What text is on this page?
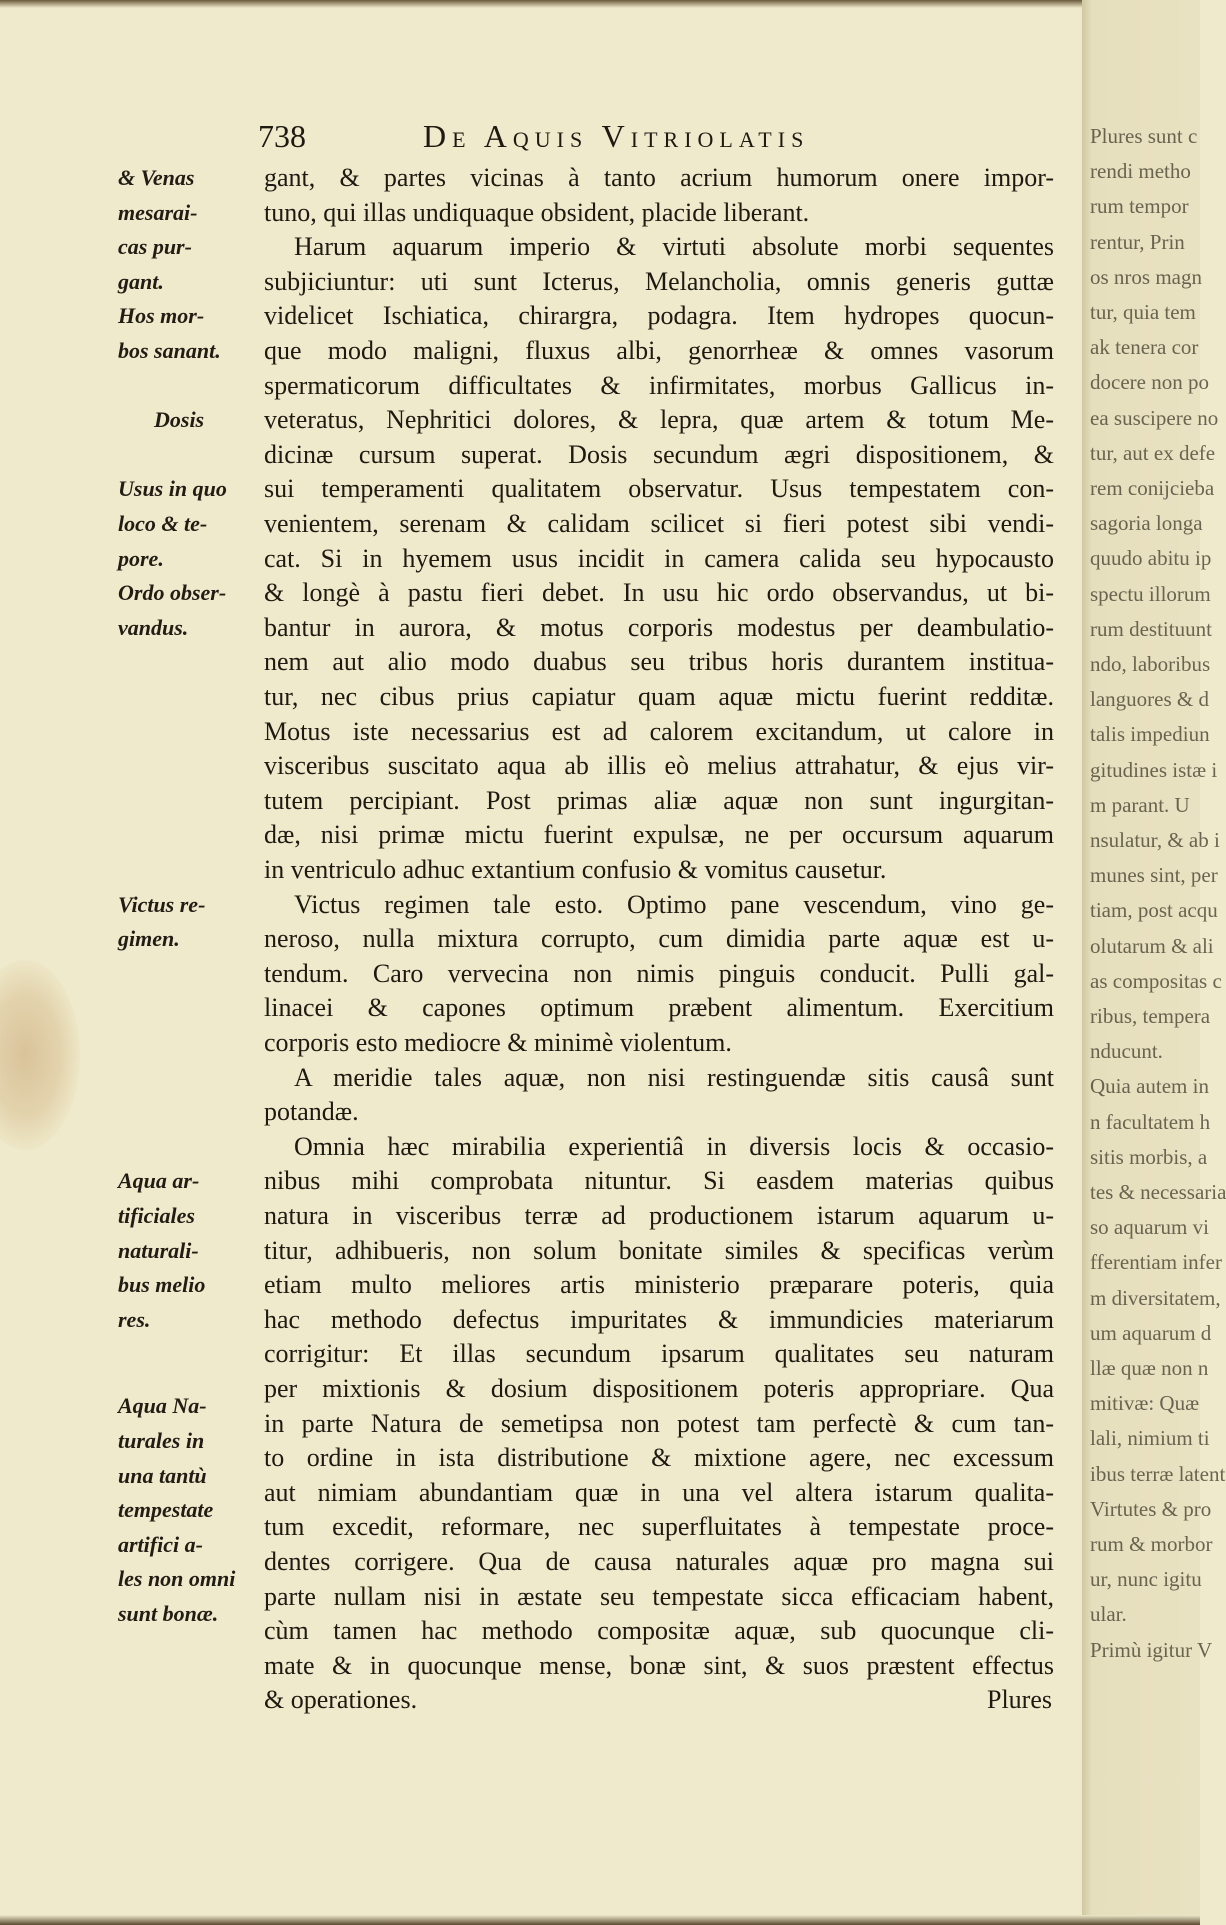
Plures sunt c
rendi metho
rum tempor
rentur, Prin
os nros magn
tur, quia tem
ak tenera cor
docere non po
ea suscipere no
tur, aut ex defe
rem conijcieba
sagoria longa
quudo abitu ip
spectu illorum
rum destituunt
ndo, laboribus
languores & d
talis impediun
gitudines istæ i
m parant. U
nsulatur, & ab i
munes sint, per
tiam, post acqu
olutarum & ali
as compositas c
ribus, tempera
nducunt.
Quia autem in
n facultatem h
sitis morbis, a
tes & necessaria
so aquarum vi
fferentiam infer
m diversitatem,
um aquarum d
llæ quæ non n
mitivæ: Quæ
lali, nimium ti
ibus terræ latent
Virtutes & pro
rum & morbor
ur, nunc igitu
ular.
Primù igitur V
738	De Aquis Vitriolatis
gant, & partes vicinas à tanto acrium humorum onere impor-
tuno, qui illas undiquaque obsident, placide liberant.
Harum aquarum imperio & virtuti absolute morbi sequentes
subjiciuntur: uti sunt Icterus, Melancholia, omnis generis guttæ
videlicet Ischiatica, chirargra, podagra. Item hydropes quocun-
que modo maligni, fluxus albi, genorrheæ & omnes vasorum
spermaticorum difficultates & infirmitates, morbus Gallicus in-
veteratus, Nephritici dolores, & lepra, quæ artem & totum Me-
dicinæ cursum superat. Dosis secundum ægri dispositionem, &
sui temperamenti qualitatem observatur. Usus tempestatem con-
venientem, serenam & calidam scilicet si fieri potest sibi vendi-
cat. Si in hyemem usus incidit in camera calida seu hypocausto
& longè à pastu fieri debet. In usu hic ordo observandus, ut bi-
bantur in aurora, & motus corporis modestus per deambulatio-
nem aut alio modo duabus seu tribus horis durantem institua-
tur, nec cibus prius capiatur quam aquæ mictu fuerint redditæ.
Motus iste necessarius est ad calorem excitandum, ut calore in
visceribus suscitato aqua ab illis eò melius attrahatur, & ejus vir-
tutem percipiant. Post primas aliæ aquæ non sunt ingurgitan-
dæ, nisi primæ mictu fuerint expulsæ, ne per occursum aquarum
in ventriculo adhuc extantium confusio & vomitus causetur.
Victus regimen tale esto. Optimo pane vescendum, vino ge-
neroso, nulla mixtura corrupto, cum dimidia parte aquæ est u-
tendum. Caro vervecina non nimis pinguis conducit. Pulli gal-
linacei & capones optimum præbent alimentum. Exercitium
corporis esto mediocre & minimè violentum.
A meridie tales aquæ, non nisi restinguendæ sitis causâ sunt
potandæ.
Omnia hæc mirabilia experientiâ in diversis locis & occasio-
nibus mihi comprobata nituntur. Si easdem materias quibus
natura in visceribus terræ ad productionem istarum aquarum u-
titur, adhibueris, non solum bonitate similes & specificas verùm
etiam multo meliores artis ministerio præparare poteris, quia
hac methodo defectus impuritates & immundicies materiarum
corrigitur: Et illas secundum ipsarum qualitates seu naturam
per mixtionis & dosium dispositionem poteris appropriare. Qua
in parte Natura de semetipsa non potest tam perfectè & cum tan-
to ordine in ista distributione & mixtione agere, nec excessum
aut nimiam abundantiam quæ in una vel altera istarum qualita-
tum excedit, reformare, nec superfluitates à tempestate proce-
dentes corrigere. Qua de causa naturales aquæ pro magna sui
parte nullam nisi in æstate seu tempestate sicca efficaciam habent,
cùm tamen hac methodo compositæ aquæ, sub quocunque cli-
mate & in quocunque mense, bonæ sint, & suos præstent effectus
& operationes.	Plures
& Venas
mesarai-
cas pur-
gant.
Hos mor-
bos sanant.
Dosis
Usus in quo
loco & te-
pore.
Ordo obser-
vandus.
Victus re-
gimen.
Aqua ar-
tificiales
naturali-
bus melio
res.
Aqua Na-
turales in
una tantù
tempestate
artifici a-
les non omni
sunt bonæ.
